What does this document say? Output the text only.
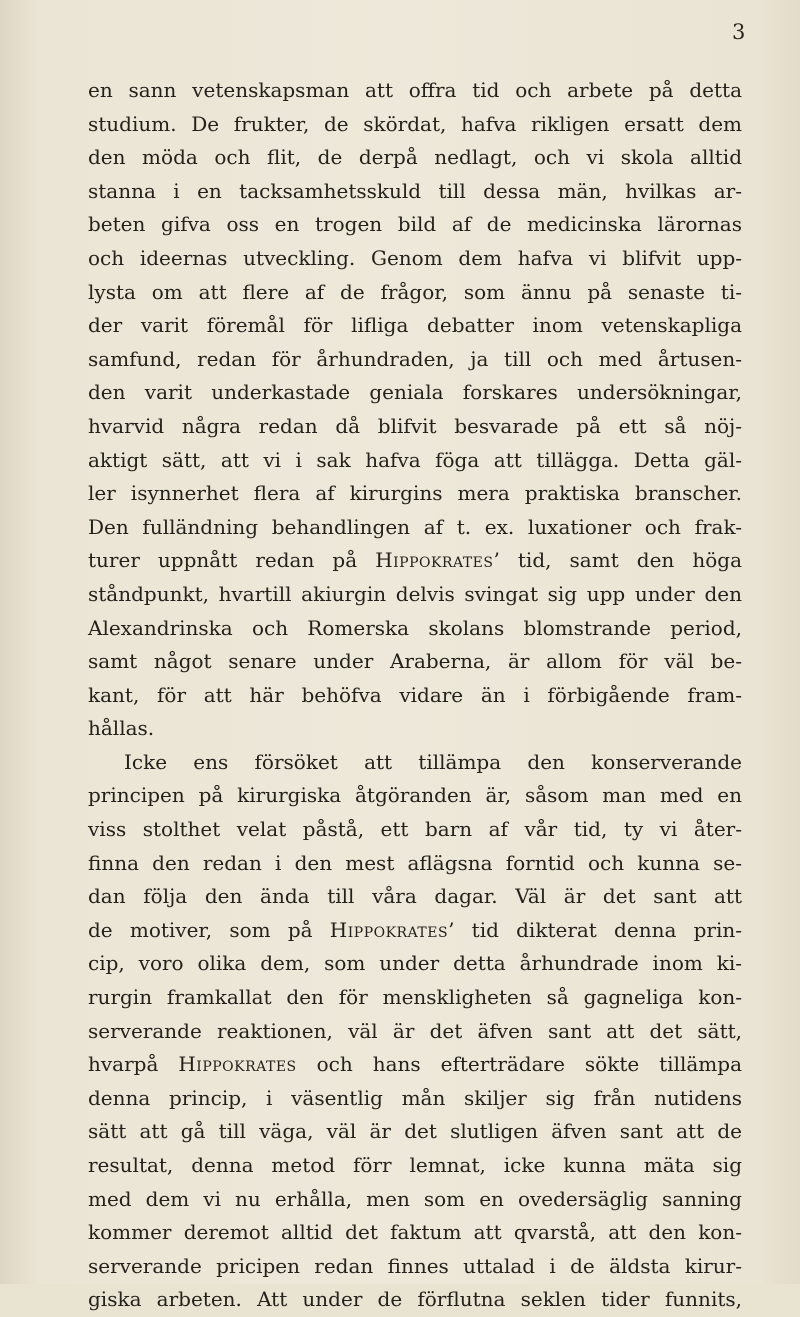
3
en sann vetenskapsman att offra tid och arbete på detta
studium. De frukter, de skördat, hafva rikligen ersatt dem
den möda och flit, de derpå nedlagt, och vi skola alltid
stanna i en tacksamhetsskuld till dessa män, hvilkas ar-
beten gifva oss en trogen bild af de medicinska lärornas
och ideernas utveckling. Genom dem hafva vi blifvit upp-
lysta om att flere af de frågor, som ännu på senaste ti-
der varit föremål för lifliga debatter inom vetenskapliga
samfund, redan för århundraden, ja till och med årtusen-
den varit underkastade geniala forskares undersökningar,
hvarvid några redan då blifvit besvarade på ett så nöj-
aktigt sätt, att vi i sak hafva föga att tillägga. Detta gäl-
ler isynnerhet flera af kirurgins mera praktiska branscher.
Den fulländning behandlingen af t. ex. luxationer och frak-
turer uppnått redan på Hippokrates’ tid, samt den höga
ståndpunkt, hvartill akiurgin delvis svingat sig upp under den
Alexandrinska och Romerska skolans blomstrande period,
samt något senare under Araberna, är allom för väl be-
kant, för att här behöfva vidare än i förbigående fram-
hållas.
Icke ens försöket att tillämpa den konserverande
principen på kirurgiska åtgöranden är, såsom man med en
viss stolthet velat påstå, ett barn af vår tid, ty vi åter-
finna den redan i den mest aflägsna forntid och kunna se-
dan följa den ända till våra dagar. Väl är det sant att
de motiver, som på Hippokrates’ tid dikterat denna prin-
cip, voro olika dem, som under detta århundrade inom ki-
rurgin framkallat den för menskligheten så gagneliga kon-
serverande reaktionen, väl är det äfven sant att det sätt,
hvarpå Hippokrates och hans efterträdare sökte tillämpa
denna princip, i väsentlig mån skiljer sig från nutidens
sätt att gå till väga, väl är det slutligen äfven sant att de
resultat, denna metod förr lemnat, icke kunna mäta sig
med dem vi nu erhålla, men som en ovedersäglig sanning
kommer deremot alltid det faktum att qvarstå, att den kon-
serverande pricipen redan finnes uttalad i de äldsta kirur-
giska arbeten. Att under de förflutna seklen tider funnits,
